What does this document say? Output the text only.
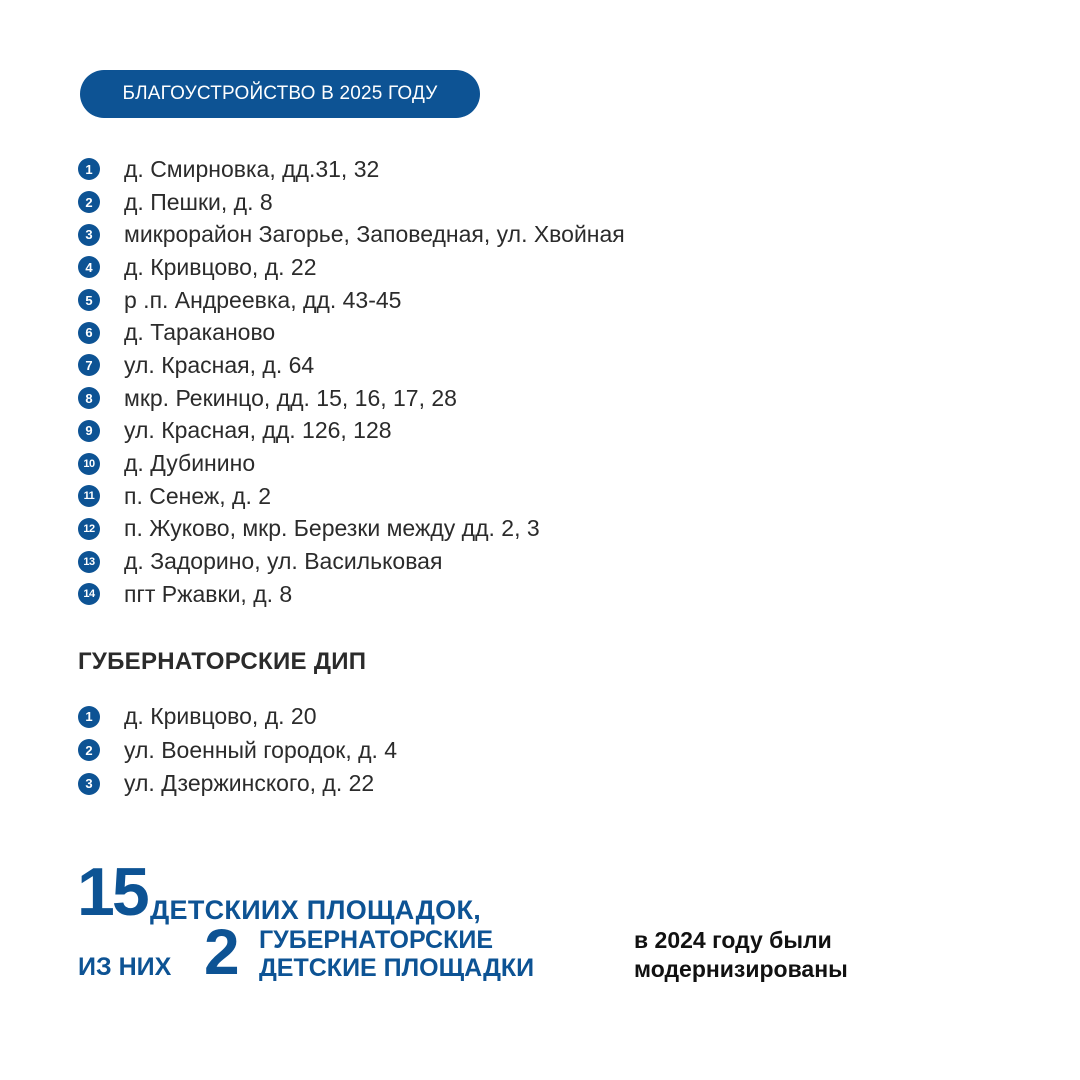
БЛАГОУСТРОЙСТВО В 2025 ГОДУ
1	д. Смирновка, дд.31, 32
2	д. Пешки, д. 8
3	микрорайон Загорье, Заповедная, ул. Хвойная
4	д. Кривцово, д. 22
5	р .п. Андреевка, дд. 43-45
6	д. Тараканово
7	ул. Красная, д. 64
8	мкр. Рекинцо, дд. 15, 16, 17, 28
9	ул. Красная, дд. 126, 128
10 д. Дубинино
11 п. Сенеж, д. 2
12 п. Жуково, мкр. Березки между дд. 2, 3
13 д. Задорино, ул. Васильковая
14 пгт Ржавки, д. 8
ГУБЕРНАТОРСКИЕ ДИП
1	д. Кривцово, д. 20
2	ул. Военный городок, д. 4
3	ул. Дзержинского, д. 22
15 ДЕТСКИИХ ПЛОЩАДОК,
ИЗ НИХ 2 ГУБЕРНАТОРСКИЕ
ДЕТСКИЕ ПЛОЩАДКИ
в 2024 году были
модернизированы
